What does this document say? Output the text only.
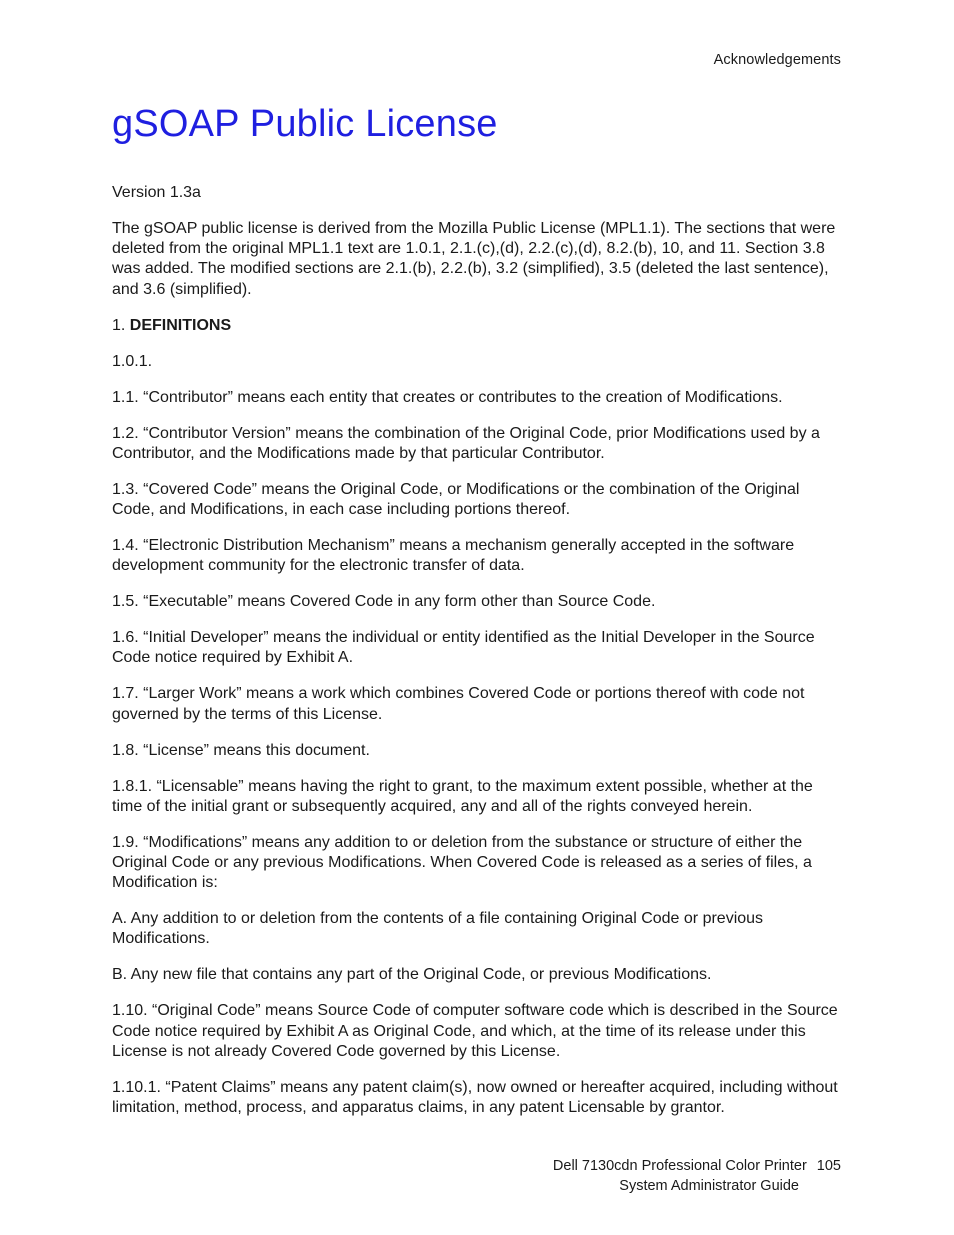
Acknowledgements
gSOAP Public License

Version 1.3a

The gSOAP public license is derived from the Mozilla Public License (MPL1.1). The sections that were deleted from the original MPL1.1 text are 1.0.1, 2.1.(c),(d), 2.2.(c),(d), 8.2.(b), 10, and 11. Section 3.8 was added. The modified sections are 2.1.(b), 2.2.(b), 3.2 (simplified), 3.5 (deleted the last sentence), and 3.6 (simplified).

1. DEFINITIONS

1.0.1.

1.1. “Contributor” means each entity that creates or contributes to the creation of Modifications.

1.2. “Contributor Version” means the combination of the Original Code, prior Modifications used by a Contributor, and the Modifications made by that particular Contributor.

1.3. “Covered Code” means the Original Code, or Modifications or the combination of the Original Code, and Modifications, in each case including portions thereof.

1.4. “Electronic Distribution Mechanism” means a mechanism generally accepted in the software development community for the electronic transfer of data.

1.5. “Executable” means Covered Code in any form other than Source Code.

1.6. “Initial Developer” means the individual or entity identified as the Initial Developer in the Source Code notice required by Exhibit A.

1.7. “Larger Work” means a work which combines Covered Code or portions thereof with code not governed by the terms of this License.

1.8. “License” means this document.

1.8.1. “Licensable” means having the right to grant, to the maximum extent possible, whether at the time of the initial grant or subsequently acquired, any and all of the rights conveyed herein.

1.9. “Modifications” means any addition to or deletion from the substance or structure of either the Original Code or any previous Modifications. When Covered Code is released as a series of files, a Modification is:

A. Any addition to or deletion from the contents of a file containing Original Code or previous Modifications.

B. Any new file that contains any part of the Original Code, or previous Modifications.

1.10. “Original Code” means Source Code of computer software code which is described in the Source Code notice required by Exhibit A as Original Code, and which, at the time of its release under this License is not already Covered Code governed by this License.

1.10.1. “Patent Claims” means any patent claim(s), now owned or hereafter acquired, including without limitation, method, process, and apparatus claims, in any patent Licensable by grantor.

Dell 7130cdn Professional Color Printer 105
System Administrator Guide
